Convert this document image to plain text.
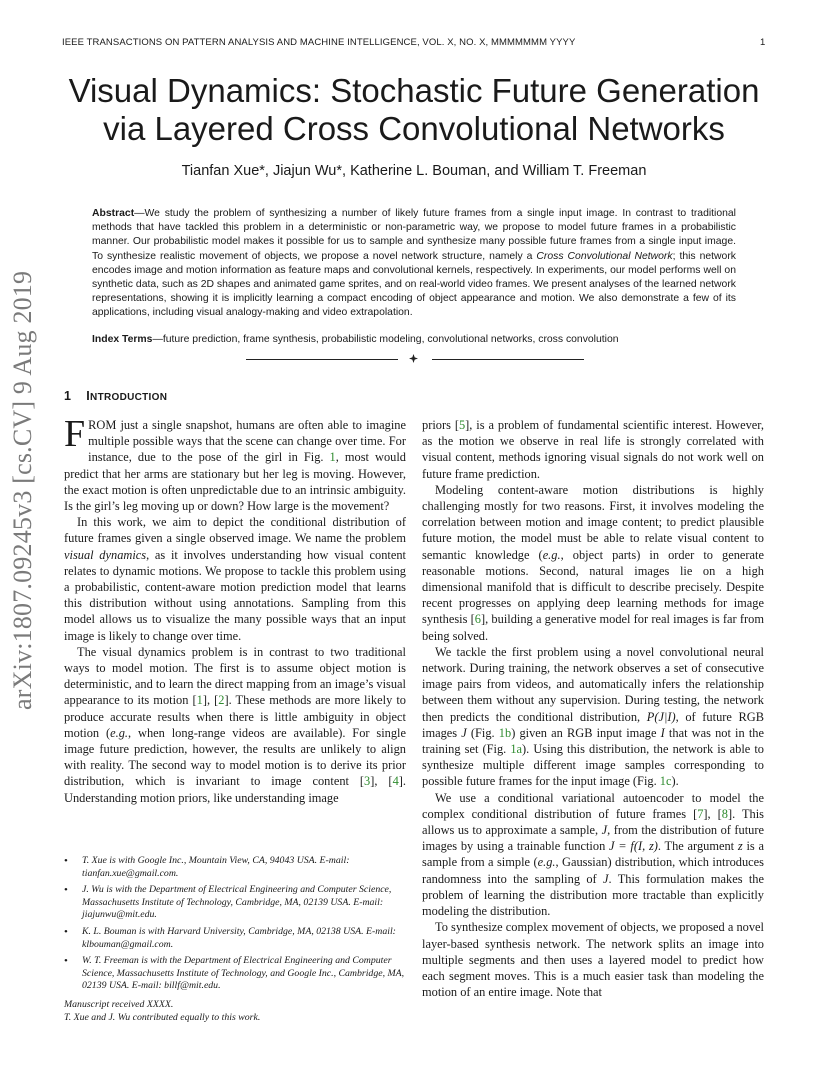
IEEE TRANSACTIONS ON PATTERN ANALYSIS AND MACHINE INTELLIGENCE, VOL. X, NO. X, MMMMMMM YYYY	1
Visual Dynamics: Stochastic Future Generation
via Layered Cross Convolutional Networks
Tianfan Xue*, Jiajun Wu*, Katherine L. Bouman, and William T. Freeman
Abstract—We study the problem of synthesizing a number of likely future frames from a single input image. In contrast to traditional methods that have tackled this problem in a deterministic or non-parametric way, we propose to model future frames in a probabilistic manner. Our probabilistic model makes it possible for us to sample and synthesize many possible future frames from a single input image. To synthesize realistic movement of objects, we propose a novel network structure, namely a Cross Convolutional Network; this network encodes image and motion information as feature maps and convolutional kernels, respectively. In experiments, our model performs well on synthetic data, such as 2D shapes and animated game sprites, and on real-world video frames. We present analyses of the learned network representations, showing it is implicitly learning a compact encoding of object appearance and motion. We also demonstrate a few of its applications, including visual analogy-making and video extrapolation.
Index Terms—future prediction, frame synthesis, probabilistic modeling, convolutional networks, cross convolution
arXiv:1807.09245v3 [cs.CV] 9 Aug 2019 1 INTRODUCTION

FROM just a single snapshot, humans are often able to imagine multiple possible ways that the scene can change over time. For instance, due to the pose of the girl in Fig. 1, most would predict that her arms are stationary but her leg is moving. However, the exact motion is often unpredictable due to an intrinsic ambiguity. Is the girl’s leg moving up or down? How large is the movement?

In this work, we aim to depict the conditional distribution of future frames given a single observed image. We name the problem visual dynamics, as it involves understanding how visual content relates to dynamic motions. We propose to tackle this problem using a probabilistic, content-aware motion prediction model that learns this distribution without using annotations. Sampling from this model allows us to visualize the many possible ways that an input image is likely to change over time.

The visual dynamics problem is in contrast to two traditional ways to model motion. The first is to assume object motion is deterministic, and to learn the direct mapping from an image’s visual appearance to its motion [1], [2]. These methods are more likely to produce accurate results when there is little ambiguity in object motion (e.g., when long-range videos are available). For single image future prediction, however, the results are unlikely to align with reality. The second way to model motion is to derive its prior distribution, which is invariant to image content [3], [4]. Understanding motion priors, like understanding image

• T. Xue is with Google Inc., Mountain View, CA, 94043 USA. E-mail: tianfan.xue@gmail.com.
• J. Wu is with the Department of Electrical Engineering and Computer Science, Massachusetts Institute of Technology, Cambridge, MA, 02139 USA. E-mail: jiajunwu@mit.edu.
• K. L. Bouman is with Harvard University, Cambridge, MA, 02138 USA. E-mail: klbouman@gmail.com.
• W. T. Freeman is with the Department of Electrical Engineering and Computer Science, Massachusetts Institute of Technology, and Google Inc., Cambridge, MA, 02139 USA. E-mail: billf@mit.edu.
Manuscript received XXXX.
T. Xue and J. Wu contributed equally to this work.

priors [5], is a problem of fundamental scientific interest. However, as the motion we observe in real life is strongly correlated with visual content, methods ignoring visual signals do not work well on future frame prediction.

Modeling content-aware motion distributions is highly challenging mostly for two reasons. First, it involves modeling the correlation between motion and image content; to predict plausible future motion, the model must be able to relate visual content to semantic knowledge (e.g., object parts) in order to generate reasonable motions. Second, natural images lie on a high dimensional manifold that is difficult to describe precisely. Despite recent progresses on applying deep learning methods for image synthesis [6], building a generative model for real images is far from being solved.

We tackle the first problem using a novel convolutional neural network. During training, the network observes a set of consecutive image pairs from videos, and automatically infers the relationship between them without any supervision. During testing, the network then predicts the conditional distribution, P(J|I), of future RGB images J (Fig. 1b) given an RGB input image I that was not in the training set (Fig. 1a). Using this distribution, the network is able to synthesize multiple different image samples corresponding to possible future frames for the input image (Fig. 1c).

We use a conditional variational autoencoder to model the complex conditional distribution of future frames [7], [8]. This allows us to approximate a sample, J, from the distribution of future images by using a trainable function J = f(I, z). The argument z is a sample from a simple (e.g., Gaussian) distribution, which introduces randomness into the sampling of J. This formulation makes the problem of learning the distribution more tractable than explicitly modeling the distribution.

To synthesize complex movement of objects, we proposed a novel layer-based synthesis network. The network splits an image into multiple segments and then uses a layered model to predict how each segment moves. This is a much easier task than modeling the motion of an entire image. Note that
